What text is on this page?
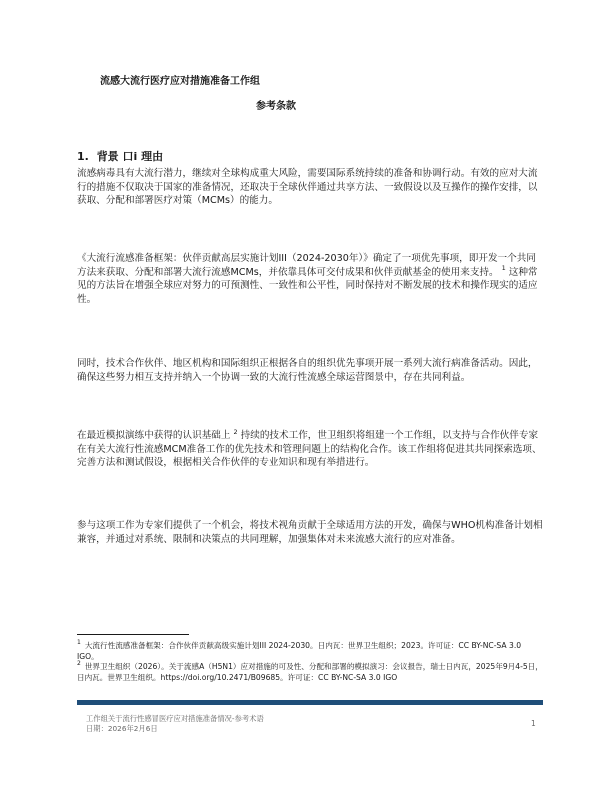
流感大流行医疗应对措施准备工作组
参考条款
1. 背景 口i 理由

流感病毒具有大流行潜力，继续对全球构成重大风险，需要国际系统持续的准备和协调行动。有效的应对大流行的措施不仅取决于国家的准备情况，还取决于全球伙伴通过共享方法、一致假设以及互操作的操作安排，以获取、分配和部署医疗对策（MCMs）的能力。

《大流行流感准备框架：伙伴贡献高层实施计划III（2024-2030年）》确定了一项优先事项，即开发一个共同方法来获取、分配和部署大流行流感MCMs，并依靠具体可交付成果和伙伴贡献基金的使用来支持。 $^1$ 这种常见的方法旨在增强全球应对努力的可预测性、一致性和公平性，同时保持对不断发展的技术和操作现实的适应性。

同时，技术合作伙伴、地区机构和国际组织正根据各自的组织优先事项开展一系列大流行病准备活动。因此，确保这些努力相互支持并纳入一个协调一致的大流行性流感全球运营图景中，存在共同利益。

在最近模拟演练中获得的认识基础上 $^2$ 持续的技术工作，世卫组织将组建一个工作组，以支持与合作伙伴专家在有关大流行性流感MCM准备工作的优先技术和管理问题上的结构化合作。该工作组将促进其共同探索选项、完善方法和测试假设，根据相关合作伙伴的专业知识和现有举措进行。

参与这项工作为专家们提供了一个机会，将技术视角贡献于全球适用方法的开发，确保与WHO机构准备计划相兼容，并通过对系统、限制和决策点的共同理解，加强集体对未来流感大流行的应对准备。

$^1$ 大流行性流感准备框架：合作伙伴贡献高级实施计划III 2024-2030。日内瓦：世界卫生组织；2023。许可证：CC BY-NC-SA 3.0 IGO。

$^2$ 世界卫生组织（2026）。关于流感A（H5N1）应对措施的可及性、分配和部署的模拟演习：会议报告，瑞士日内瓦，2025年9月4-5日，日内瓦。世界卫生组织。https://doi.org/10.2471/B09685。许可证：CC BY-NC-SA 3.0 IGO

工作组关于流行性感冒医疗应对措施准备情况-参考术语
日期：2026年2月6日
1
